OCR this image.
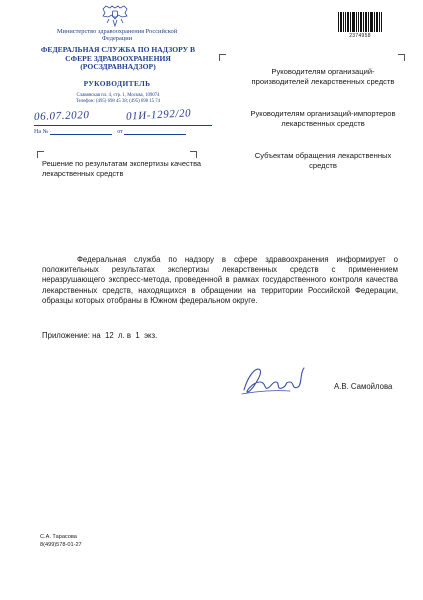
Министерство здравоохранения Российской Федерации
ФЕДЕРАЛЬНАЯ СЛУЖБА ПО НАДЗОРУ В СФЕРЕ ЗДРАВООХРАНЕНИЯ (РОСЗДРАВНАДЗОР)
РУКОВОДИТЕЛЬ
Славянская пл. 4, стр. 1, Москва, 109074
Телефон: (495) 698 45 38; (495) 698 15 74
06.07.2020	01И-1292/20
На №	от
2374958
Руководителям организаций-производителей лекарственных средств
Руководителям организаций-импортеров лекарственных средств
Субъектам обращения лекарственных средств
Решение по результатам экспертизы качества лекарственных средств
Федеральная служба по надзору в сфере здравоохранения информирует о положительных результатах экспертизы лекарственных средств с применением неразрушающего экспресс-метода, проведенной в рамках государственного контроля качества лекарственных средств, находящихся в обращении на территории Российской Федерации, образцы которых отобраны в Южном федеральном округе.
Приложение: на  12  л. в  1  экз.
А.В. Самойлова
С.А. Тарасова
8(499)578-01-27
